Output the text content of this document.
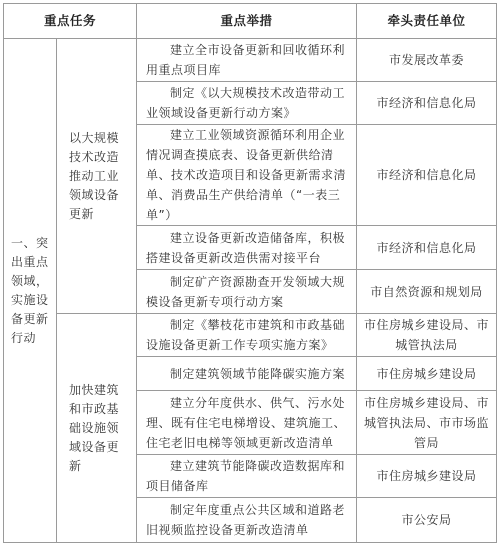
重点任务		重点举措	牵头责任单位
一、突出重点领域，实施设备更新行动	以大规模技术改造推动工业领域设备更新	建立全市设备更新和回收循环利用重点项目库	市发展改革委
		制定《以大规模技术改造带动工业领域设备更新行动方案》	市经济和信息化局
		建立工业领域资源循环利用企业情况调查摸底表、设备更新供给清单、技术改造项目和设备更新需求清单、消费品生产供给清单（“一表三单”）	市经济和信息化局
		建立设备更新改造储备库，积极搭建设备更新改造供需对接平台	市经济和信息化局
		制定矿产资源勘查开发领域大规模设备更新专项行动方案	市自然资源和规划局
	加快建筑和市政基础设施领域设备更新	制定《攀枝花市建筑和市政基础设施设备更新工作专项实施方案》	市住房城乡建设局、市城管执法局
		制定建筑领域节能降碳实施方案	市住房城乡建设局
		建立分年度供水、供气、污水处理、既有住宅电梯增设、建筑施工、住宅老旧电梯等领域更新改造清单	市住房城乡建设局、市城管执法局、市市场监管局
		建立建筑节能降碳改造数据库和项目储备库	市住房城乡建设局
		制定年度重点公共区域和道路老旧视频监控设备更新改造清单	市公安局
